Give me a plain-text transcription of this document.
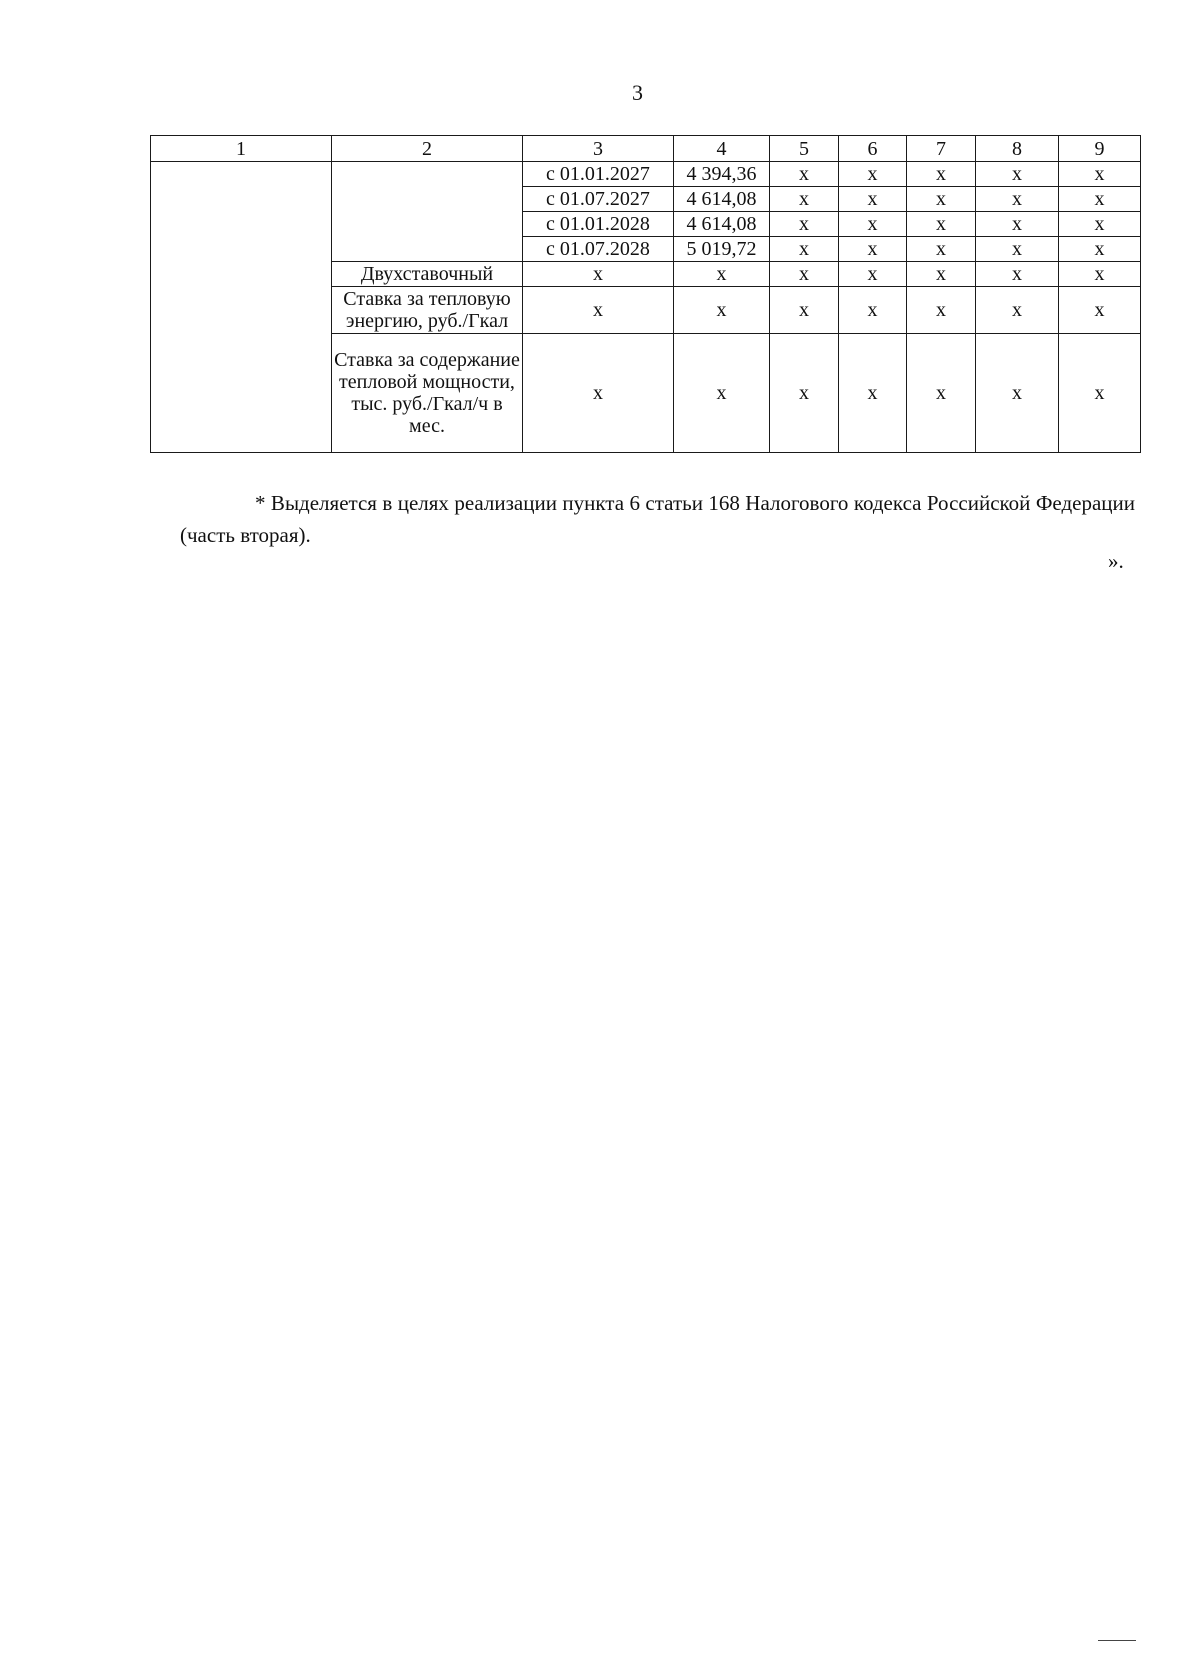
3
1	2	3	4	5	6	7	8	9
		с 01.01.2027	4 394,36	х	х	х	х	х
		с 01.07.2027	4 614,08	х	х	х	х	х
		с 01.01.2028	4 614,08	х	х	х	х	х
		с 01.07.2028	5 019,72	х	х	х	х	х
	Двухставочный	х	х	х	х	х	х	х
	Ставка за тепловую энергию, руб./Гкал	х	х	х	х	х	х	х
	Ставка за содержание тепловой мощности, тыс. руб./Гкал/ч в мес.	х	х	х	х	х	х	х
* Выделяется в целях реализации пункта 6 статьи 168 Налогового кодекса Российской Федерации (часть вторая).
».
